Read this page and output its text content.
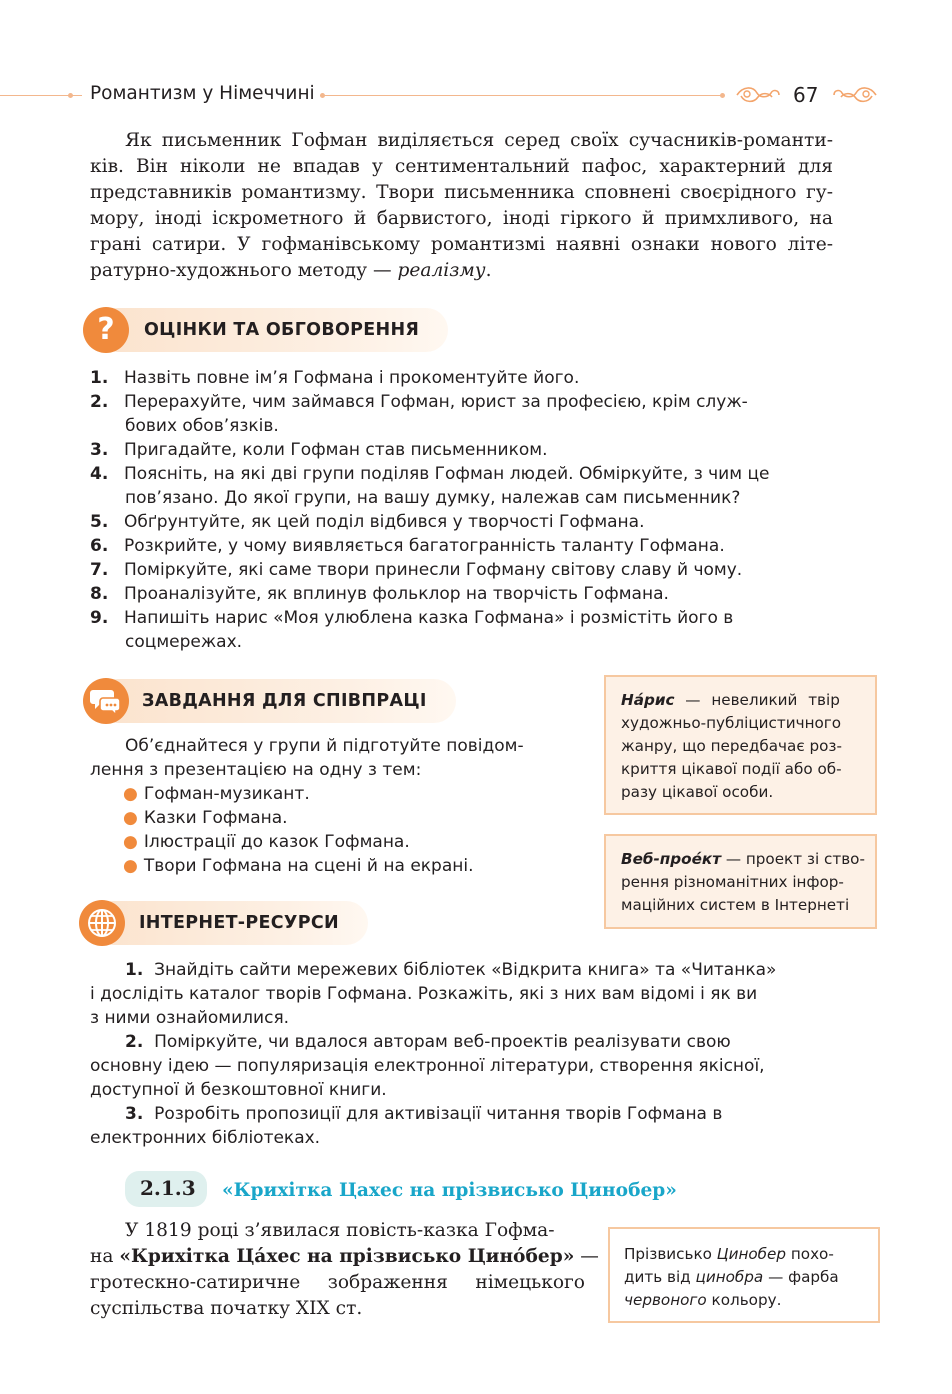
Романтизм у Німеччині	67
Як письменник Гофман виділяється серед своїх сучасників-романти-
ків. Він ніколи не впадав у сентиментальний пафос, характерний для
представників романтизму. Твори письменника сповнені своєрідного гу-
мору, іноді іскрометного й барвистого, іноді гіркого й примхливого, на
грані сатири. У гофманівському романтизмі наявні ознаки нового літе-
ратурно-художнього методу — реалізму.
? ОЦІНКИ ТА ОБГОВОРЕННЯ
1. Назвіть повне ім’я Гофмана і прокоментуйте його.
2. Перерахуйте, чим займався Гофман, юрист за професією, крім служ-
бових обов’язків.
3. Пригадайте, коли Гофман став письменником.
4. Поясніть, на які дві групи поділяв Гофман людей. Обміркуйте, з чим це
пов’язано. До якої групи, на вашу думку, належав сам письменник?
5. Обґрунтуйте, як цей поділ відбився у творчості Гофмана.
6. Розкрийте, у чому виявляється багатогранність таланту Гофмана.
7. Поміркуйте, які саме твори принесли Гофману світову славу й чому.
8. Проаналізуйте, як вплинув фольклор на творчість Гофмана.
9. Напишіть нарис «Моя улюблена казка Гофмана» і розмістіть його в
соцмережах.
ЗАВДАННЯ ДЛЯ СПІВПРАЦІ
Об’єднайтеся у групи й підготуйте повідом-
лення з презентацією на одну з тем:
● Гофман-музикант.
● Казки Гофмана.
● Ілюстрації до казок Гофмана.
● Твори Гофмана на сцені й на екрані.
На́рис — невеликий твір
художньо-публіцистичного
жанру, що передбачає роз-
криття цікавої події або об-
разу цікавої особи.
Веб-прое́кт — проект зі ство-
рення різноманітних інфор-
маційних систем в Інтернеті
ІНТЕРНЕТ-РЕСУРСИ
1. Знайдіть сайти мережевих бібліотек «Відкрита книга» та «Читанка»
і дослідіть каталог творів Гофмана. Розкажіть, які з них вам відомі і як ви
з ними ознайомилися.
2. Поміркуйте, чи вдалося авторам веб-проектів реалізувати свою
основну ідею — популяризація електронної літератури, створення якісної,
доступної й безкоштовної книги.
3. Розробіть пропозиції для активізації читання творів Гофмана в
електронних бібліотеках.
2.1.3 «Крихітка Цахес на прізвисько Цинобер»
У 1819 році з’явилася повість-казка Гофма-
на «Крихітка Ца́хес на прізвисько Цино́бер» —
гротескно-сатиричне зображення німецького
суспільства початку XIX ст.
Прізвисько Цинобер похо-
дить від цинобра — фарба
червоного кольору.
